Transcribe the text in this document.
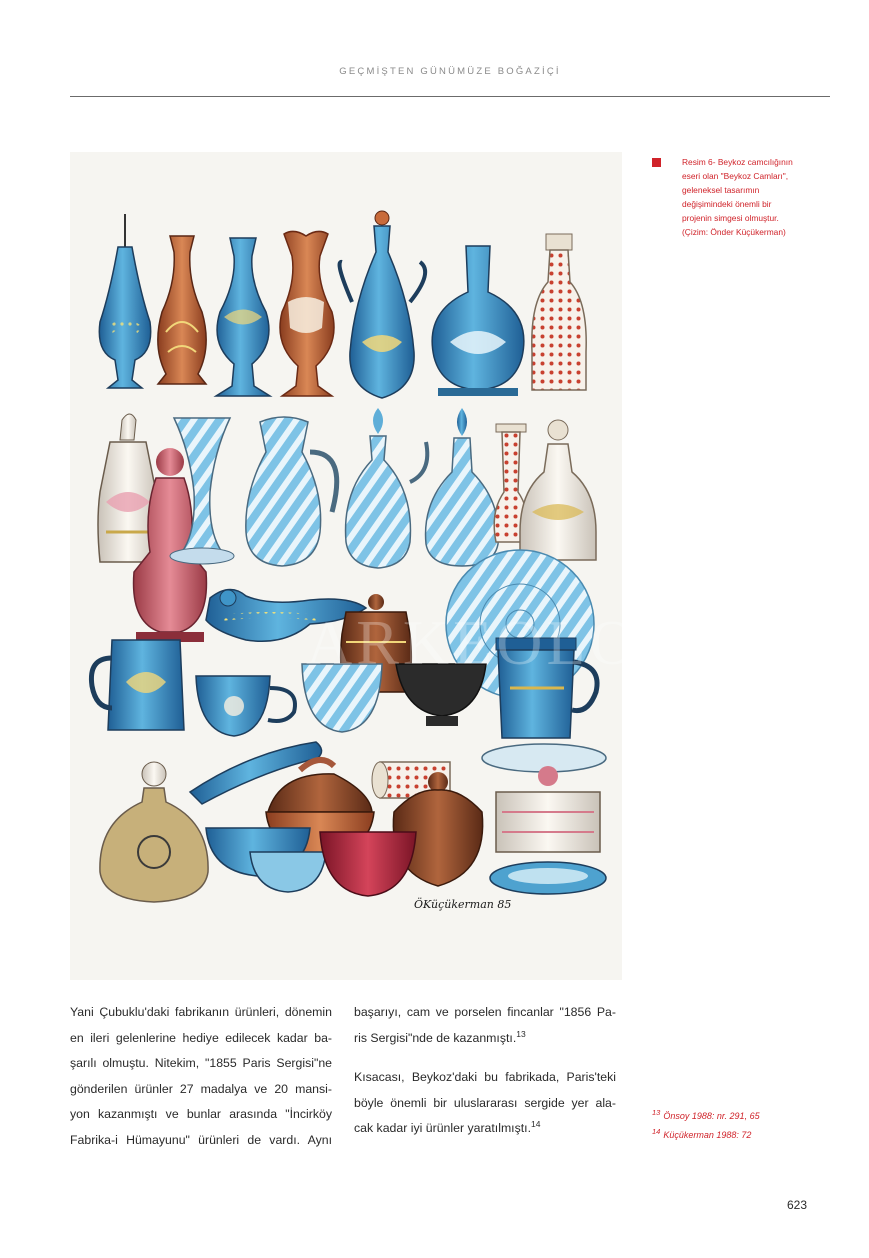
GEÇMİŞTEN GÜNÜMÜZE BOĞAZİÇİ
ÖKüçükerman 85
ARKEOLOJI
Resim 6- Beykoz camcılığının
eseri olan "Beykoz Camları",
geleneksel tasarımın
değişimindeki önemli bir
projenin simgesi olmuştur.
(Çizim: Önder Küçükerman)
Yani Çubuklu'daki fabrikanın ürünleri, dönemin
en ileri gelenlerine hediye edilecek kadar ba-
şarılı olmuştu. Nitekim, "1855 Paris Sergisi"ne
gönderilen ürünler 27 madalya ve 20 mansi-
yon kazanmıştı ve bunlar arasında "İncirköy
Fabrika-i Hümayunu" ürünleri de vardı. Aynı
başarıyı, cam ve porselen fincanlar "1856 Pa-
ris Sergisi"nde de kazanmıştı.$^{13}$
Kısacası, Beykoz'daki bu fabrikada, Paris'teki
böyle önemli bir uluslararası sergide yer ala-
cak kadar iyi ürünler yaratılmıştı.$^{14}$
$^{13}$ Önsoy 1988: nr. 291, 65
$^{14}$ Küçükerman 1988: 72
623
